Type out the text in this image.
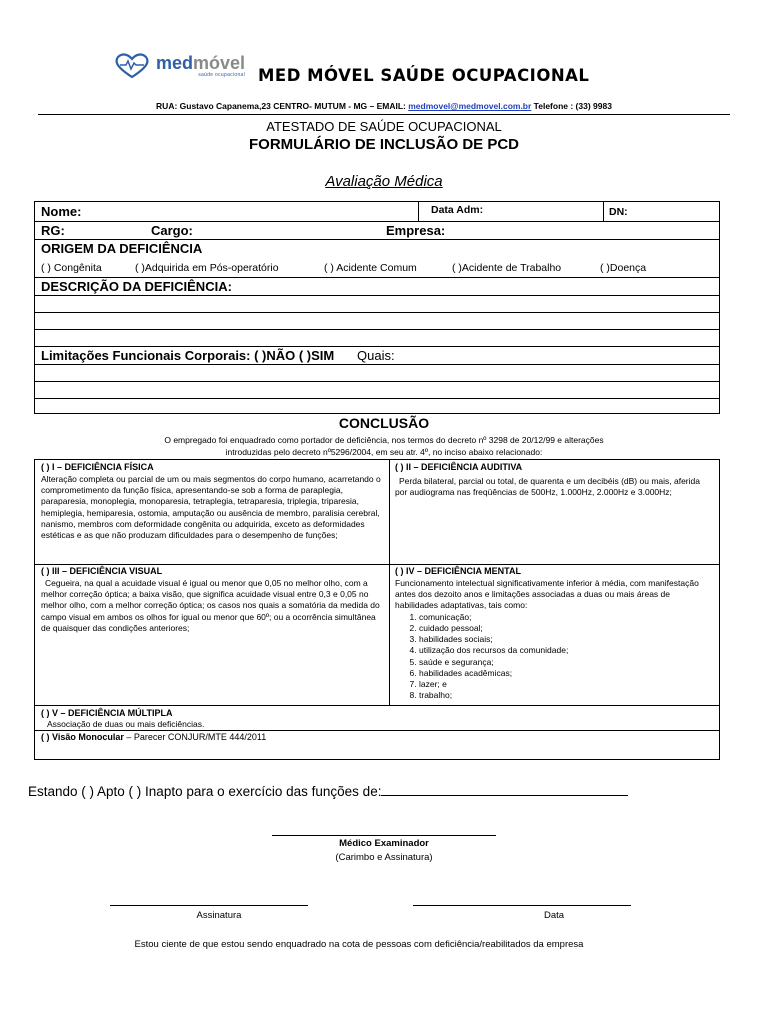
medmóvel
saúde ocupacional MED MÓVEL SAÚDE OCUPACIONAL
RUA: Gustavo Capanema,23 CENTRO- MUTUM - MG – EMAIL: medmovel@medmovel.com.br Telefone : (33) 9983
ATESTADO DE SAÚDE OCUPACIONAL
FORMULÁRIO DE INCLUSÃO DE PCD
Avaliação Médica
Nome:	Data Adm:	DN:
RG:	Cargo:	Empresa:
ORIGEM DA DEFICIÊNCIA
( ) Congênita	( )Adquirida em Pós-operatório	( ) Acidente Comum	( )Acidente de Trabalho	( )Doença
DESCRIÇÃO DA DEFICIÊNCIA:
Limitações Funcionais Corporais: ( )NÃO ( )SIM Quais:
CONCLUSÃO
O empregado foi enquadrado como portador de deficiência, nos termos do decreto nº 3298 de 20/12/99 e alterações
introduzidas pelo decreto nº5296/2004, em seu atr. 4º, no inciso abaixo relacionado:
( ) I – DEFICIÊNCIA FÍSICA
Alteração completa ou parcial de um ou mais segmentos do corpo humano, acarretando o comprometimento da função física, apresentando-se sob a forma de paraplegia, paraparesia, monoplegia, monoparesia, tetraplegia, tetraparesia, triplegia, triparesia, hemiplegia, hemiparesia, ostomia, amputação ou ausência de membro, paralisia cerebral, nanismo, membros com deformidade congênita ou adquirida, exceto as deformidades estéticas e as que não produzam dificuldades para o desempenho de funções;
( ) II – DEFICIÊNCIA AUDITIVA
Perda bilateral, parcial ou total, de quarenta e um decibéis (dB) ou mais, aferida por audiograma nas freqüências de 500Hz, 1.000Hz, 2.000Hz e 3.000Hz;
( ) III – DEFICIÊNCIA VISUAL
Cegueira, na qual a acuidade visual é igual ou menor que 0,05 no melhor olho, com a melhor correção óptica; a baixa visão, que significa acuidade visual entre 0,3 e 0,05 no melhor olho, com a melhor correção óptica; os casos nos quais a somatória da medida do campo visual em ambos os olhos for igual ou menor que 60º; ou a ocorrência simultânea de quaisquer das condições anteriores;
( ) IV – DEFICIÊNCIA MENTAL
Funcionamento intelectual significativamente inferior à média, com manifestação antes dos dezoito anos e limitações associadas a duas ou mais áreas de habilidades adaptativas, tais como:
1. comunicação;
2. cuidado pessoal;
3. habilidades sociais;
4. utilização dos recursos da comunidade;
5. saúde e segurança;
6. habilidades acadêmicas;
7. lazer; e
8. trabalho;
( ) V – DEFICIÊNCIA MÚLTIPLA
Associação de duas ou mais deficiências.
( ) Visão Monocular – Parecer CONJUR/MTE 444/2011
Estando ( ) Apto ( ) Inapto para o exercício das funções de:
Médico Examinador
(Carimbo e Assinatura)
Assinatura	Data
Estou ciente de que estou sendo enquadrado na cota de pessoas com deficiência/reabilitados da empresa
